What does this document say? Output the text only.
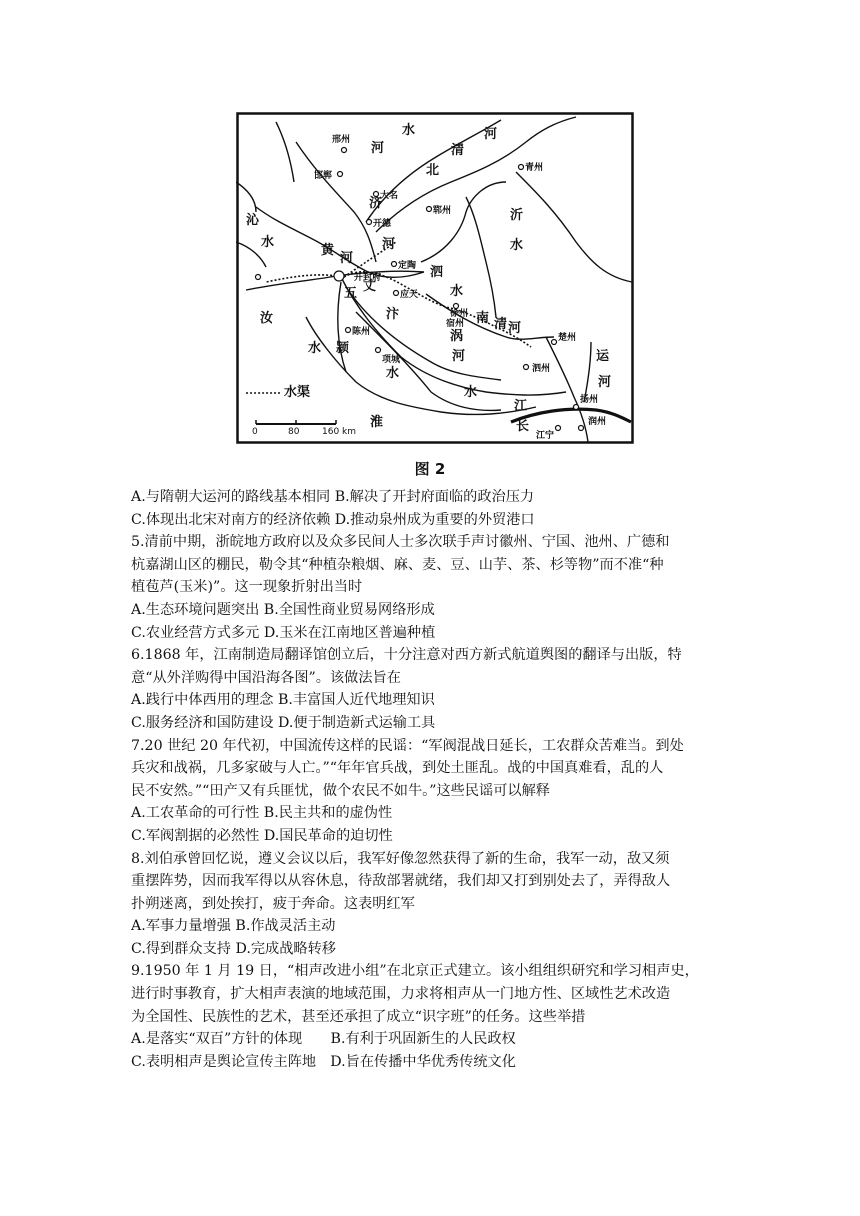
0	80	160 km
水渠
水
河
北
济
河
清
沂
水
沁
水
黄
河
五 丈
河
泗
水
南 清 河
汴
汝
水 颍
水
涡
河
淮
水
江
长
运
河
邢州
邯郸
大名
开德
郓州
青州
定陶
开封府
应天
徐州
宿州
陈州
项城
泗州
楚州
扬州
江宁
润州
图 2
A.与隋朝大运河的路线基本相同 B.解决了开封府面临的政治压力
C.体现出北宋对南方的经济依赖 D.推动泉州成为重要的外贸港口
5.清前中期，浙皖地方政府以及众多民间人士多次联手声讨徽州、宁国、池州、广德和
杭嘉湖山区的棚民，勒令其“种植杂粮烟、麻、麦、豆、山芋、茶、杉等物”而不准“种
植苞芦(玉米)”。这一现象折射出当时
A.生态环境问题突出 B.全国性商业贸易网络形成
C.农业经营方式多元 D.玉米在江南地区普遍种植
6.1868 年，江南制造局翻译馆创立后，十分注意对西方新式航道舆图的翻译与出版，特
意“从外洋购得中国沿海各图”。该做法旨在
A.践行中体西用的理念 B.丰富国人近代地理知识
C.服务经济和国防建设 D.便于制造新式运输工具
7.20 世纪 20 年代初，中国流传这样的民谣：“军阀混战日延长，工农群众苦难当。到处
兵灾和战祸，几多家破与人亡。”“年年官兵战，到处土匪乱。战的中国真难看，乱的人
民不安然。”“田产又有兵匪忧，做个农民不如牛。”这些民谣可以解释
A.工农革命的可行性 B.民主共和的虚伪性
C.军阀割据的必然性 D.国民革命的迫切性
8.刘伯承曾回忆说，遵义会议以后，我军好像忽然获得了新的生命，我军一动，敌又须
重摆阵势，因而我军得以从容休息，待敌部署就绪，我们却又打到别处去了，弄得敌人
扑朔迷离，到处挨打，疲于奔命。这表明红军
A.军事力量增强 B.作战灵活主动
C.得到群众支持 D.完成战略转移
9.1950 年 1 月 19 日，“相声改进小组”在北京正式建立。该小组组织研究和学习相声史，
进行时事教育，扩大相声表演的地域范围，力求将相声从一门地方性、区域性艺术改造
为全国性、民族性的艺术，甚至还承担了成立“识字班”的任务。这些举措
A.是落实“双百”方针的体现　　B.有利于巩固新生的人民政权
C.表明相声是舆论宣传主阵地　D.旨在传播中华优秀传统文化
